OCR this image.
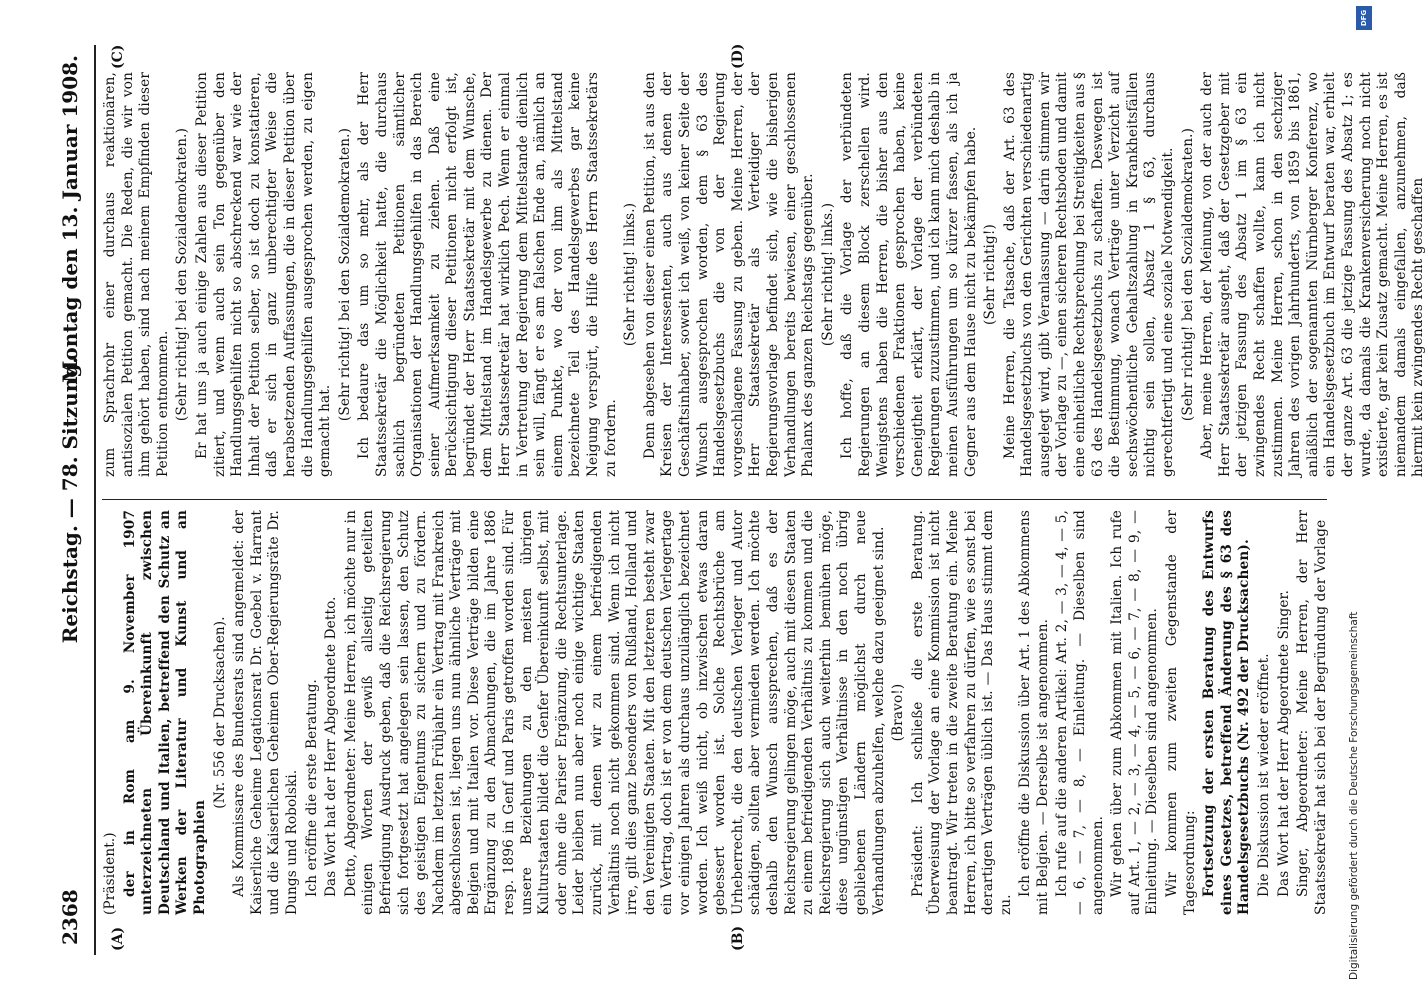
2368
Reichstag. — 78. Sitzung.
Montag den 13. Januar 1908.
(A)	(B)
(C)	(D)

(Präsident.) der in Rom am 9. November 1907 unterzeichneten Übereinkunft zwischen Deutschland und Italien, betreffend den Schutz an Werken der Literatur und Kunst und an Photographien

(Nr. 556 der Drucksachen). Als Kommissare des Bundesrats sind angemeldet: der Kaiserliche Geheime Legationsrat Dr. Goebel v. Harrant und die Kaiserlichen Geheimen Ober-Regierungsräte Dr. Dungs und Robolski. Ich eröffne die erste Beratung. Das Wort hat der Herr Abgeordnete Detto. Detto, Abgeordneter: Meine Herren, ich möchte nur in einigen Worten der gewiß allseitig geteilten Befriedigung Ausdruck geben, daß die Reichsregierung sich fortgesetzt hat angelegen sein lassen, den Schutz des geistigen Eigentums zu sichern und zu fördern. Nachdem im letzten Frühjahr ein Vertrag mit Frankreich abgeschlossen ist, liegen uns nun ähnliche Verträge mit Belgien und mit Italien vor. Diese Verträge bilden eine Ergänzung zu den Abmachungen, die im Jahre 1886 resp. 1896 in Genf und Paris getroffen worden sind. Für unsere Beziehungen zu den meisten übrigen Kulturstaaten bildet die Genfer Übereinkunft selbst, mit oder ohne die Pariser Ergänzung, die Rechtsunterlage. Leider bleiben nun aber noch einige wichtige Staaten zurück, mit denen wir zu einem befriedigenden Verhältnis noch nicht gekommen sind. Wenn ich nicht irre, gilt dies ganz besonders von Rußland, Holland und den Vereinigten Staaten. Mit den letzteren besteht zwar ein Vertrag, doch ist er von dem deutschen Verlegertage vor einigen Jahren als durchaus unzulänglich bezeichnet worden. Ich weiß nicht, ob inzwischen etwas daran gebessert worden ist. Solche Rechtsbrüche am Urheberrecht, die den deutschen Verleger und Autor schädigen, sollten aber vermieden werden. Ich möchte deshalb den Wunsch aussprechen, daß es der Reichsregierung gelingen möge, auch mit diesen Staaten zu einem befriedigenden Verhältnis zu kommen und die Reichsregierung sich auch weiterhin bemühen möge, diese ungünstigen Verhältnisse in den noch übrig gebliebenen Ländern möglichst durch neue Verhandlungen abzuhelfen, welche dazu geeignet sind. (Bravo!) Präsident: Ich schließe die erste Beratung. Überweisung der Vorlage an eine Kommission ist nicht beantragt. Wir treten in die zweite Beratung ein. Meine Herren, ich bitte so verfahren zu dürfen, wie es sonst bei derartigen Verträgen üblich ist. — Das Haus stimmt dem zu.

Ich eröffne die Diskussion über Art. 1 des Abkommens mit Belgien. — Derselbe ist angenommen. Ich rufe auf die anderen Artikel: Art. 2, — 3, — 4, — 5, — 6, — 7, — 8, — Einleitung. — Dieselben sind angenommen. Wir gehen über zum Abkommen mit Italien. Ich rufe auf Art. 1, — 2, — 3, — 4, — 5, — 6, — 7, — 8, — 9, — Einleitung. — Dieselben sind angenommen. Wir kommen zum zweiten Gegenstande der Tagesordnung: Fortsetzung der ersten Beratung des Entwurfs eines Gesetzes, betreffend Änderung des § 63 des Handelsgesetzbuchs (Nr. 492 der Drucksachen). Die Diskussion ist wieder eröffnet. Das Wort hat der Herr Abgeordnete Singer. Singer, Abgeordneter: Meine Herren, der Herr Staatssekretär hat sich bei der Begründung der Vorlage

zum Sprachrohr einer durchaus reaktionären, antisozialen Petition gemacht. Die Reden, die wir von ihm gehört haben, sind nach meinem Empfinden dieser Petition entnommen. (Sehr richtig! bei den Sozialdemokraten.) Er hat uns ja auch einige Zahlen aus dieser Petition zitiert, und wenn auch sein Ton gegenüber den Handlungsgehilfen nicht so abschreckend war wie der Inhalt der Petition selber, so ist doch zu konstatieren, daß er sich in ganz unberechtigter Weise die herabsetzenden Auffassungen, die in dieser Petition über die Handlungsgehilfen ausgesprochen werden, zu eigen gemacht hat.

(Sehr richtig! bei den Sozialdemokraten.) Ich bedaure das um so mehr, als der Herr Staatssekretär die Möglichkeit hatte, die durchaus sachlich begründeten Petitionen sämtlicher Organisationen der Handlungsgehilfen in das Bereich seiner Aufmerksamkeit zu ziehen. Daß eine Berücksichtigung dieser Petitionen nicht erfolgt ist, begründet der Herr Staatssekretär mit dem Wunsche, dem Mittelstand im Handelsgewerbe zu dienen. Der Herr Staatssekretär hat wirklich Pech. Wenn er einmal in Vertretung der Regierung dem Mittelstande dienlich sein will, fängt er es am falschen Ende an, nämlich an einem Punkte, wo der von ihm als Mittelstand bezeichnete Teil des Handelsgewerbes gar keine Neigung verspürt, die Hilfe des Herrn Staatssekretärs zu fordern.

(Sehr richtig! links.) Denn abgesehen von dieser einen Petition, ist aus den Kreisen der Interessenten, auch aus denen der Geschäftsinhaber, soweit ich weiß, von keiner Seite der Wunsch ausgesprochen worden, dem § 63 des Handelsgesetzbuchs die von der Regierung vorgeschlagene Fassung zu geben. Meine Herren, der Herr Staatssekretär als Verteidiger der Regierungsvorlage befindet sich, wie die bisherigen Verhandlungen bereits bewiesen, einer geschlossenen Phalanx des ganzen Reichstags gegenüber. (Sehr richtig! links.) Ich hoffe, daß die Vorlage der verbündeten Regierungen an diesem Block zerschellen wird. Wenigstens haben die Herren, die bisher aus den verschiedenen Fraktionen gesprochen haben, keine Geneigtheit erklärt, der Vorlage der verbündeten Regierungen zuzustimmen, und ich kann mich deshalb in meinen Ausführungen um so kürzer fassen, als ich ja Gegner aus dem Hause nicht zu bekämpfen habe. (Sehr richtig!) Meine Herren, die Tatsache, daß der Art. 63 des Handelsgesetzbuchs von den Gerichten verschiedenartig ausgelegt wird, gibt Veranlassung — darin stimmen wir der Vorlage zu —, einen sicheren Rechtsboden und damit eine einheitliche Rechtsprechung bei Streitigkeiten aus § 63 des Handelsgesetzbuchs zu schaffen. Deswegen ist die Bestimmung, wonach Verträge unter Verzicht auf sechswöchentliche Gehaltszahlung in Krankheitsfällen nichtig sein sollen, Absatz 1 § 63, durchaus gerechtfertigt und eine soziale Notwendigkeit. (Sehr richtig! bei den Sozialdemokraten.) Aber, meine Herren, der Meinung, von der auch der Herr Staatssekretär ausgeht, daß der Gesetzgeber mit der jetzigen Fassung des Absatz 1 im § 63 ein zwingendes Recht schaffen wollte, kann ich nicht zustimmen. Meine Herren, schon in den sechziger Jahren des vorigen Jahrhunderts, von 1859 bis 1861, anläßlich der sogenannten Nürnberger Konferenz, wo ein Handelsgesetzbuch im Entwurf beraten war, erhielt der ganze Art. 63 die jetzige Fassung des Absatz 1; es wurde, da damals die Krankenversicherung noch nicht existierte, gar kein Zusatz gemacht. Meine Herren, es ist niemandem damals eingefallen, anzunehmen, daß hiermit kein zwingendes Recht geschaffen

Digitalisierung gefördert durch die Deutsche Forschungsgemeinschaft
DFG
